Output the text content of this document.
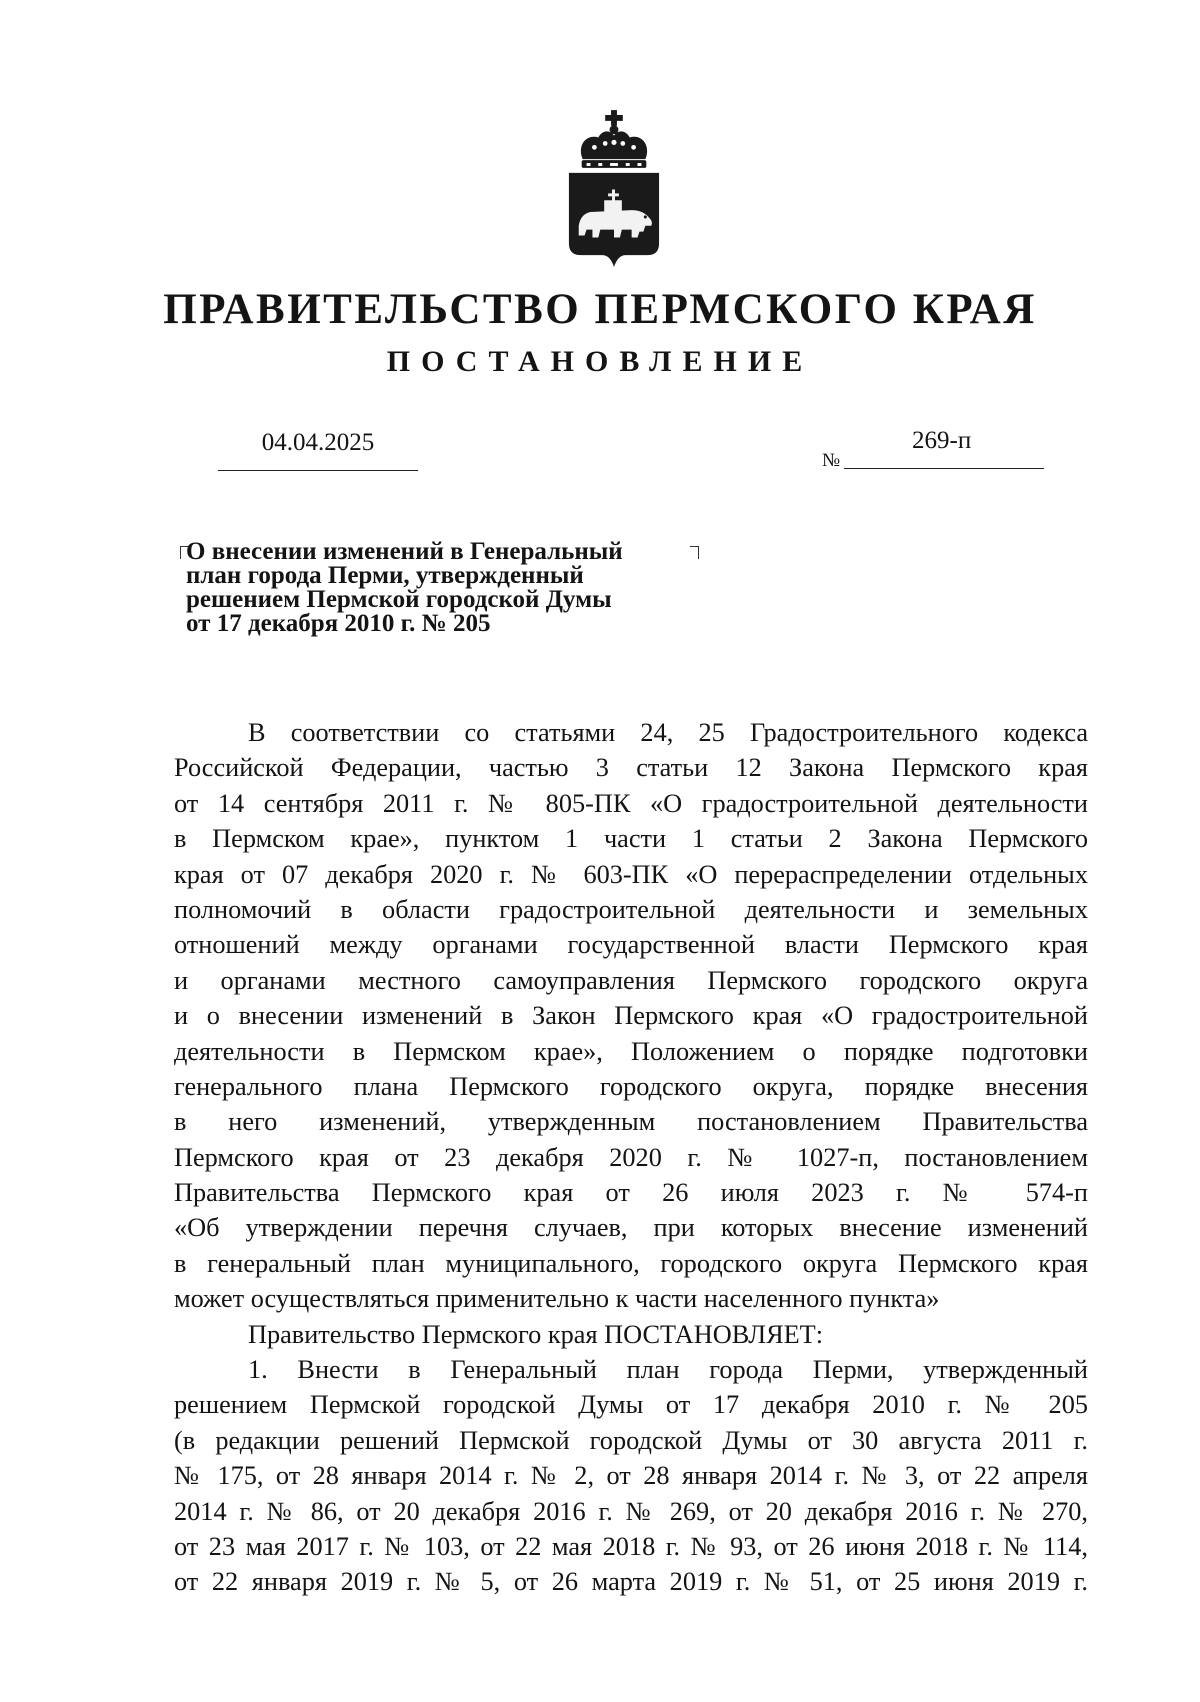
ПРАВИТЕЛЬСТВО ПЕРМСКОГО КРАЯ
ПОСТАНОВЛЕНИЕ
04.04.2025
№
269-п
О внесении изменений в Генеральный
план города Перми, утвержденный
решением Пермской городской Думы
от 17 декабря 2010 г. № 205
В соответствии со статьями 24, 25 Градостроительного кодекса
Российской Федерации, частью 3 статьи 12 Закона Пермского края
от 14 сентября 2011 г. № 805-ПК «О градостроительной деятельности
в Пермском крае», пунктом 1 части 1 статьи 2 Закона Пермского
края от 07 декабря 2020 г. № 603-ПК «О перераспределении отдельных
полномочий в области градостроительной деятельности и земельных
отношений между органами государственной власти Пермского края
и органами местного самоуправления Пермского городского округа
и о внесении изменений в Закон Пермского края «О градостроительной
деятельности в Пермском крае», Положением о порядке подготовки
генерального плана Пермского городского округа, порядке внесения
в него изменений, утвержденным постановлением Правительства
Пермского края от 23 декабря 2020 г. № 1027-п, постановлением
Правительства Пермского края от 26 июля 2023 г. № 574-п
«Об утверждении перечня случаев, при которых внесение изменений
в генеральный план муниципального, городского округа Пермского края
может осуществляться применительно к части населенного пункта»
Правительство Пермского края ПОСТАНОВЛЯЕТ:
1. Внести в Генеральный план города Перми, утвержденный
решением Пермской городской Думы от 17 декабря 2010 г. № 205
(в редакции решений Пермской городской Думы от 30 августа 2011 г.
№ 175, от 28 января 2014 г. № 2, от 28 января 2014 г. № 3, от 22 апреля
2014 г. № 86, от 20 декабря 2016 г. № 269, от 20 декабря 2016 г. № 270,
от 23 мая 2017 г. № 103, от 22 мая 2018 г. № 93, от 26 июня 2018 г. № 114,
от 22 января 2019 г. № 5, от 26 марта 2019 г. № 51, от 25 июня 2019 г.
